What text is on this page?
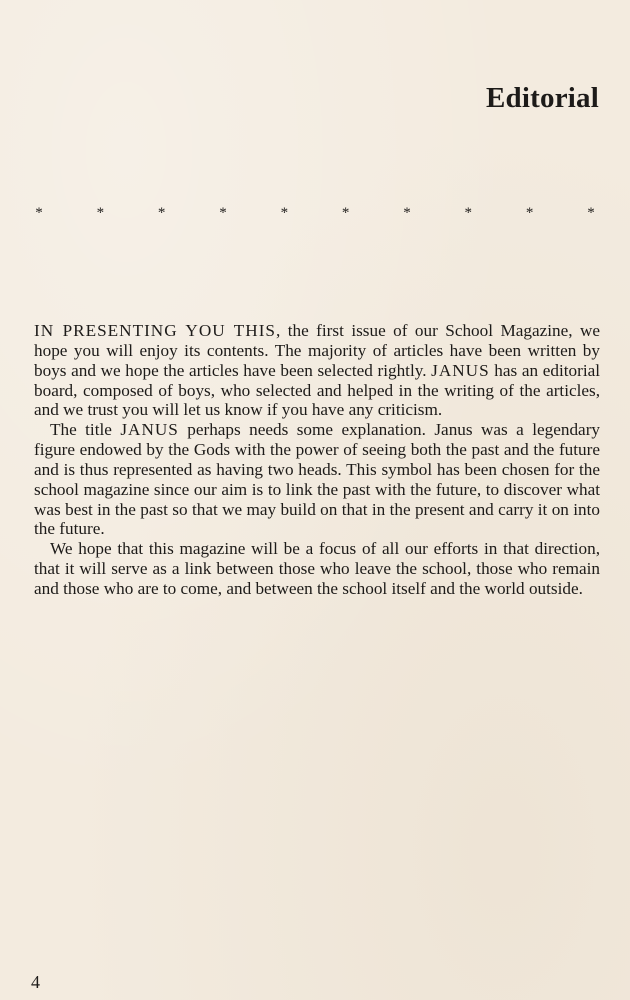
Editorial
*	*	*	*	*	*	*	*	*	*

IN PRESENTING YOU THIS, the first issue of our School Magazine, we hope you will enjoy its contents. The majority of articles have been written by boys and we hope the articles have been selected rightly. JANUS has an editorial board, composed of boys, who selected and helped in the writing of the articles, and we trust you will let us know if you have any criticism.

The title JANUS perhaps needs some explanation. Janus was a legendary figure endowed by the Gods with the power of seeing both the past and the future and is thus represented as having two heads. This symbol has been chosen for the school magazine since our aim is to link the past with the future, to discover what was best in the past so that we may build on that in the present and carry it on into the future.

We hope that this magazine will be a focus of all our efforts in that direction, that it will serve as a link between those who leave the school, those who remain and those who are to come, and between the school itself and the world outside.

4
